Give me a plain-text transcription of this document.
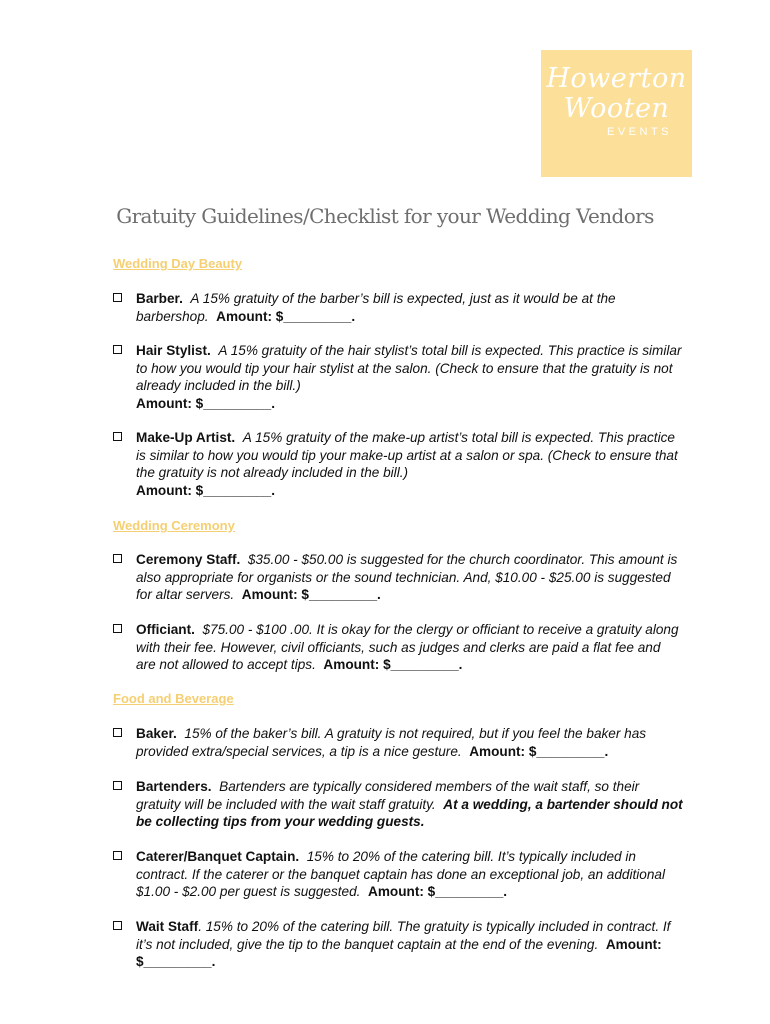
Howerton
Wooten
EVENTS
Gratuity Guidelines/Checklist for your Wedding Vendors
Wedding Day Beauty
Barber. A 15% gratuity of the barber’s bill is expected, just as it would be at the barbershop. Amount: $_________.
Hair Stylist. A 15% gratuity of the hair stylist’s total bill is expected. This practice is similar to how you would tip your hair stylist at the salon. (Check to ensure that the gratuity is not already included in the bill.)
Amount: $_________.
Make-Up Artist. A 15% gratuity of the make-up artist’s total bill is expected. This practice is similar to how you would tip your make-up artist at a salon or spa. (Check to ensure that the gratuity is not already included in the bill.)
Amount: $_________.
Wedding Ceremony
Ceremony Staff. $35.00 - $50.00 is suggested for the church coordinator. This amount is also appropriate for organists or the sound technician. And, $10.00 - $25.00 is suggested for altar servers. Amount: $_________.
Officiant. $75.00 - $100 .00. It is okay for the clergy or officiant to receive a gratuity along with their fee. However, civil officiants, such as judges and clerks are paid a flat fee and are not allowed to accept tips. Amount: $_________.
Food and Beverage
Baker. 15% of the baker’s bill. A gratuity is not required, but if you feel the baker has provided extra/special services, a tip is a nice gesture. Amount: $_________.
Bartenders. Bartenders are typically considered members of the wait staff, so their gratuity will be included with the wait staff gratuity. At a wedding, a bartender should not be collecting tips from your wedding guests.
Caterer/Banquet Captain. 15% to 20% of the catering bill. It’s typically included in contract. If the caterer or the banquet captain has done an exceptional job, an additional $1.00 - $2.00 per guest is suggested. Amount: $_________.
Wait Staff. 15% to 20% of the catering bill. The gratuity is typically included in contract. If it’s not included, give the tip to the banquet captain at the end of the evening. Amount: $_________.
